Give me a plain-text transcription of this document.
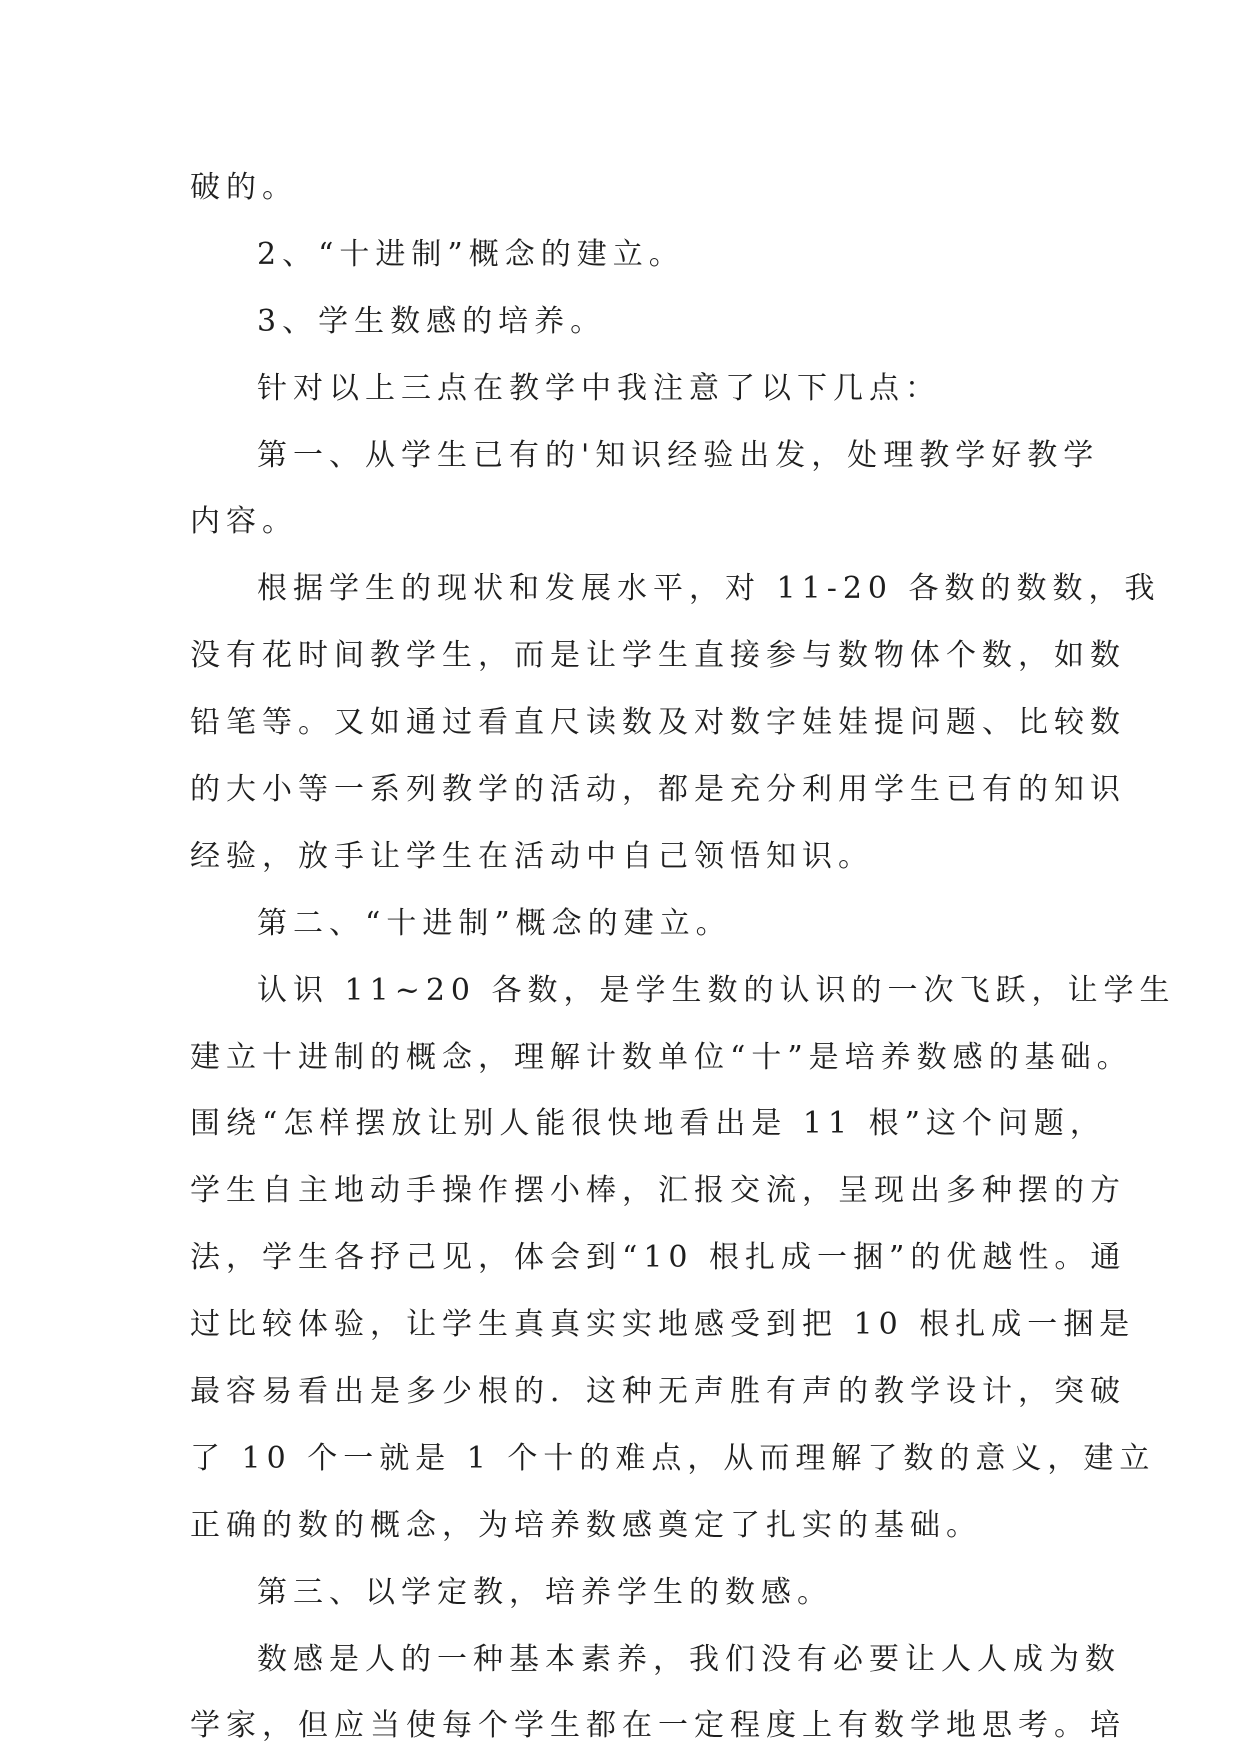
破的。
2、“十进制”概念的建立。
3、学生数感的培养。
针对以上三点在教学中我注意了以下几点：
第一、从学生已有的'知识经验出发，处理教学好教学
内容。
根据学生的现状和发展水平，对 11-20 各数的数数，我
没有花时间教学生，而是让学生直接参与数物体个数，如数
铅笔等。又如通过看直尺读数及对数字娃娃提问题、比较数
的大小等一系列教学的活动，都是充分利用学生已有的知识
经验，放手让学生在活动中自己领悟知识。
第二、“十进制”概念的建立。
认识 11~20 各数，是学生数的认识的一次飞跃，让学生
建立十进制的概念，理解计数单位“十”是培养数感的基础。
围绕“怎样摆放让别人能很快地看出是 11 根”这个问题，
学生自主地动手操作摆小棒，汇报交流，呈现出多种摆的方
法，学生各抒己见，体会到“10 根扎成一捆”的优越性。通
过比较体验，让学生真真实实地感受到把 10 根扎成一捆是
最容易看出是多少根的．这种无声胜有声的教学设计，突破
了 10 个一就是 1 个十的难点，从而理解了数的意义，建立
正确的数的概念，为培养数感奠定了扎实的基础。
第三、以学定教，培养学生的数感。
数感是人的一种基本素养，我们没有必要让人人成为数
学家，但应当使每个学生都在一定程度上有数学地思考。培
